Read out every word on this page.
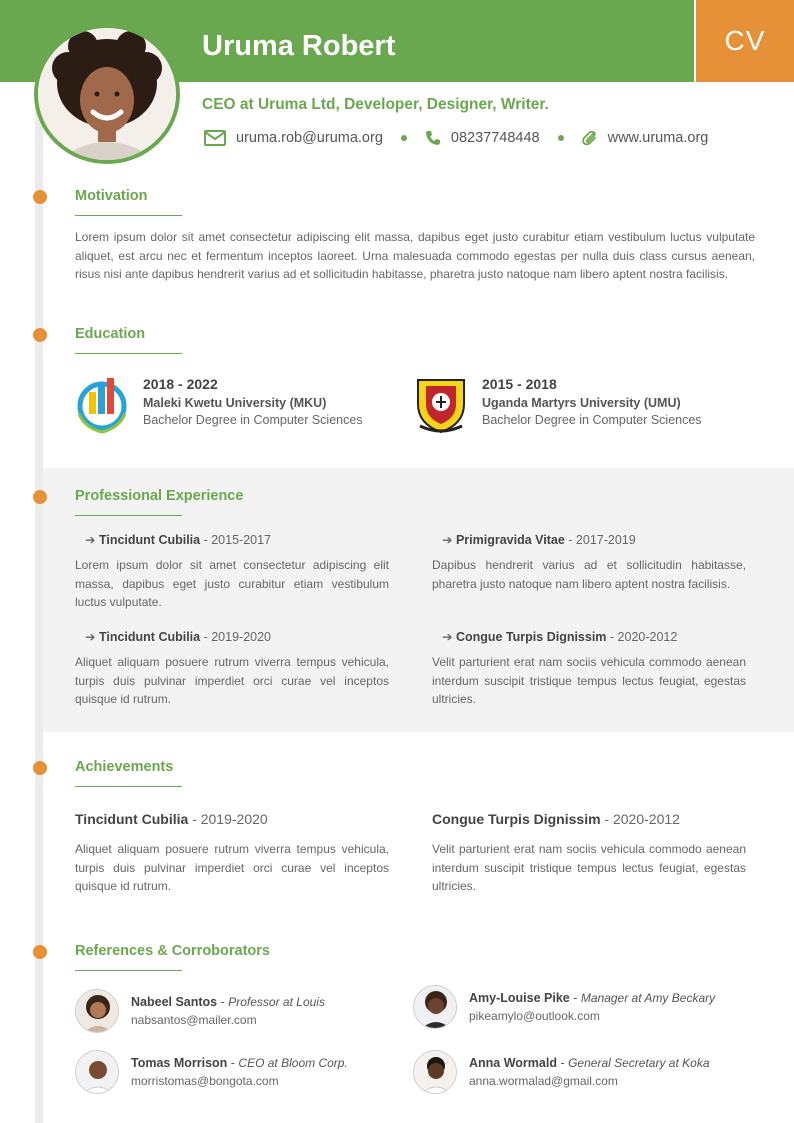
CV
Uruma Robert
CEO at Uruma Ltd, Developer, Designer, Writer.
uruma.rob@uruma.org	08237748448	www.uruma.org
Motivation
Lorem ipsum dolor sit amet consectetur adipiscing elit massa, dapibus eget justo curabitur etiam vestibulum luctus vulputate aliquet, est arcu nec et fermentum inceptos laoreet. Urna malesuada commodo egestas per nulla duis class cursus aenean, risus nisi ante dapibus hendrerit varius ad et sollicitudin habitasse, pharetra justo natoque nam libero aptent nostra facilisis.
Education
2018 - 2022
Maleki Kwetu University (MKU)
Bachelor Degree in Computer Sciences
2015 - 2018
Uganda Martyrs University (UMU)
Bachelor Degree in Computer Sciences
Professional Experience
➔ Tincidunt Cubilia - 2015-2017
Lorem ipsum dolor sit amet consectetur adipiscing elit massa, dapibus eget justo curabitur etiam vestibulum luctus vulputate.
➔ Primigravida Vitae - 2017-2019
Dapibus hendrerit varius ad et sollicitudin habitasse, pharetra justo natoque nam libero aptent nostra facilisis.
➔ Tincidunt Cubilia - 2019-2020
Aliquet aliquam posuere rutrum viverra tempus vehicula, turpis duis pulvinar imperdiet orci curae vel inceptos quisque id rutrum.
➔ Congue Turpis Dignissim - 2020-2012
Velit parturient erat nam sociis vehicula commodo aenean interdum suscipit tristique tempus lectus feugiat, egestas ultricies.
Achievements
Tincidunt Cubilia - 2019-2020
Aliquet aliquam posuere rutrum viverra tempus vehicula, turpis duis pulvinar imperdiet orci curae vel inceptos quisque id rutrum.
Congue Turpis Dignissim - 2020-2012
Velit parturient erat nam sociis vehicula commodo aenean interdum suscipit tristique tempus lectus feugiat, egestas ultricies.
References & Corroborators
Nabeel Santos - Professor at Louis
nabsantos@mailer.com
Amy-Louise Pike - Manager at Amy Beckary
pikeamylo@outlook.com
Tomas Morrison - CEO at Bloom Corp.
morristomas@bongota.com
Anna Wormald - General Secretary at Koka
anna.wormalad@gmail.com
